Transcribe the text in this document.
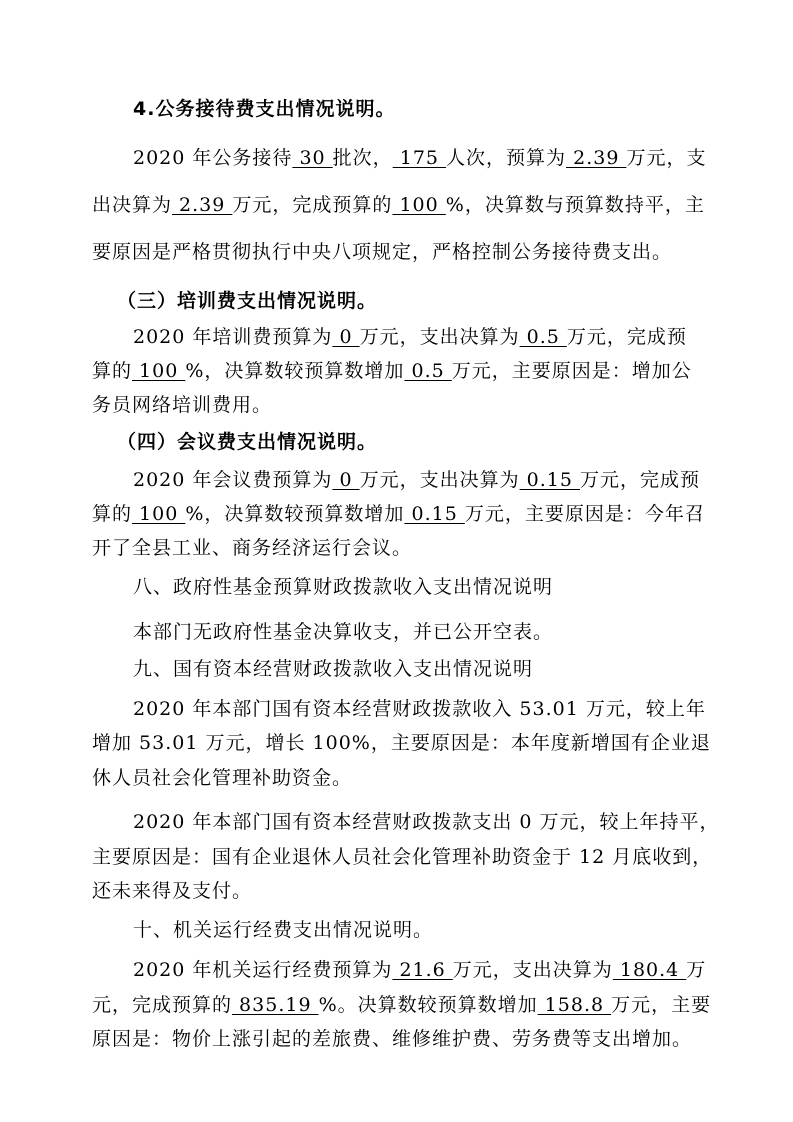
4.公务接待费支出情况说明。
2020 年公务接待 30 批次， 175 人次，预算为 2.39 万元，支
出决算为 2.39 万元，完成预算的 100 %，决算数与预算数持平，主
要原因是严格贯彻执行中央八项规定，严格控制公务接待费支出。
（三）培训费支出情况说明。
2020 年培训费预算为 0 万元，支出决算为 0.5 万元，完成预
算的 100 %，决算数较预算数增加 0.5 万元，主要原因是：增加公
务员网络培训费用。
（四）会议费支出情况说明。
2020 年会议费预算为 0 万元，支出决算为 0.15 万元，完成预
算的 100 %，决算数较预算数增加 0.15 万元，主要原因是：今年召
开了全县工业、商务经济运行会议。
八、政府性基金预算财政拨款收入支出情况说明
本部门无政府性基金决算收支，并已公开空表。
九、国有资本经营财政拨款收入支出情况说明
2020 年本部门国有资本经营财政拨款收入 53.01 万元，较上年
增加 53.01 万元，增长 100%，主要原因是：本年度新增国有企业退
休人员社会化管理补助资金。
2020 年本部门国有资本经营财政拨款支出 0 万元，较上年持平，
主要原因是：国有企业退休人员社会化管理补助资金于 12 月底收到，
还未来得及支付。
十、机关运行经费支出情况说明。
2020 年机关运行经费预算为 21.6 万元，支出决算为 180.4 万
元，完成预算的 835.19 %。决算数较预算数增加 158.8 万元，主要
原因是：物价上涨引起的差旅费、维修维护费、劳务费等支出增加。
